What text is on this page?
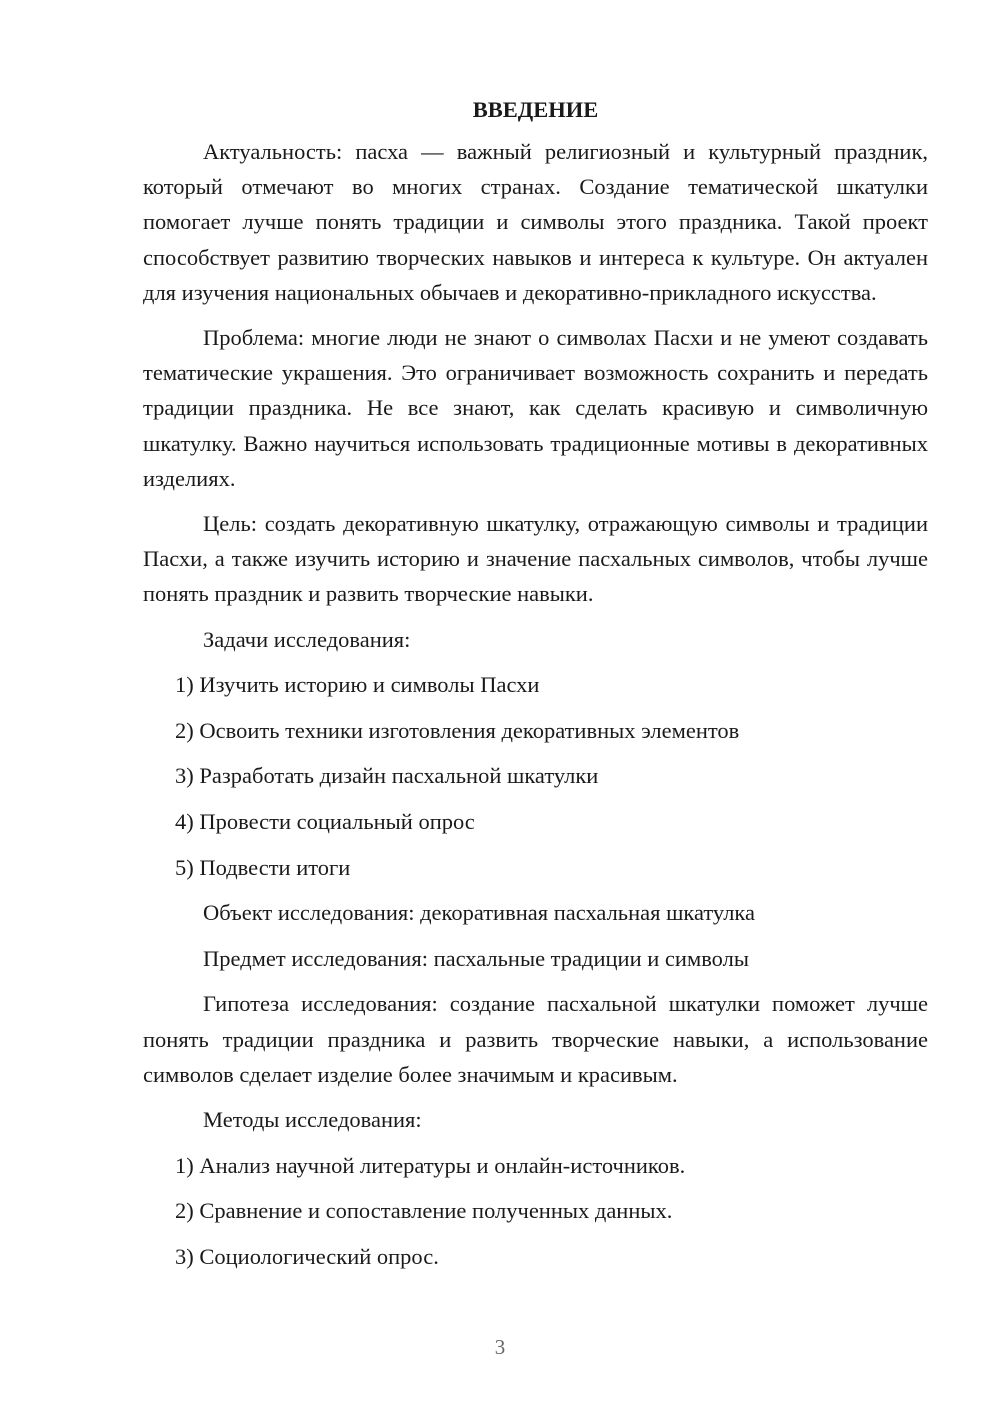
ВВЕДЕНИЕ

Актуальность: пасха — важный религиозный и культурный праздник, который отмечают во многих странах. Создание тематической шкатулки помогает лучше понять традиции и символы этого праздника. Такой проект способствует развитию творческих навыков и интереса к культуре. Он актуален для изучения национальных обычаев и декоративно-прикладного искусства.

Проблема: многие люди не знают о символах Пасхи и не умеют создавать тематические украшения. Это ограничивает возможность сохранить и передать традиции праздника. Не все знают, как сделать красивую и символичную шкатулку. Важно научиться использовать традиционные мотивы в декоративных изделиях.

Цель: создать декоративную шкатулку, отражающую символы и традиции Пасхи, а также изучить историю и значение пасхальных символов, чтобы лучше понять праздник и развить творческие навыки.

Задачи исследования:
1) Изучить историю и символы Пасхи
2) Освоить техники изготовления декоративных элементов
3) Разработать дизайн пасхальной шкатулки
4) Провести социальный опрос
5) Подвести итоги
Объект исследования: декоративная пасхальная шкатулка
Предмет исследования: пасхальные традиции и символы

Гипотеза исследования: создание пасхальной шкатулки поможет лучше понять традиции праздника и развить творческие навыки, а использование символов сделает изделие более значимым и красивым.

Методы исследования:
1) Анализ научной литературы и онлайн-источников.
2) Сравнение и сопоставление полученных данных.
3) Социологический опрос.
3
